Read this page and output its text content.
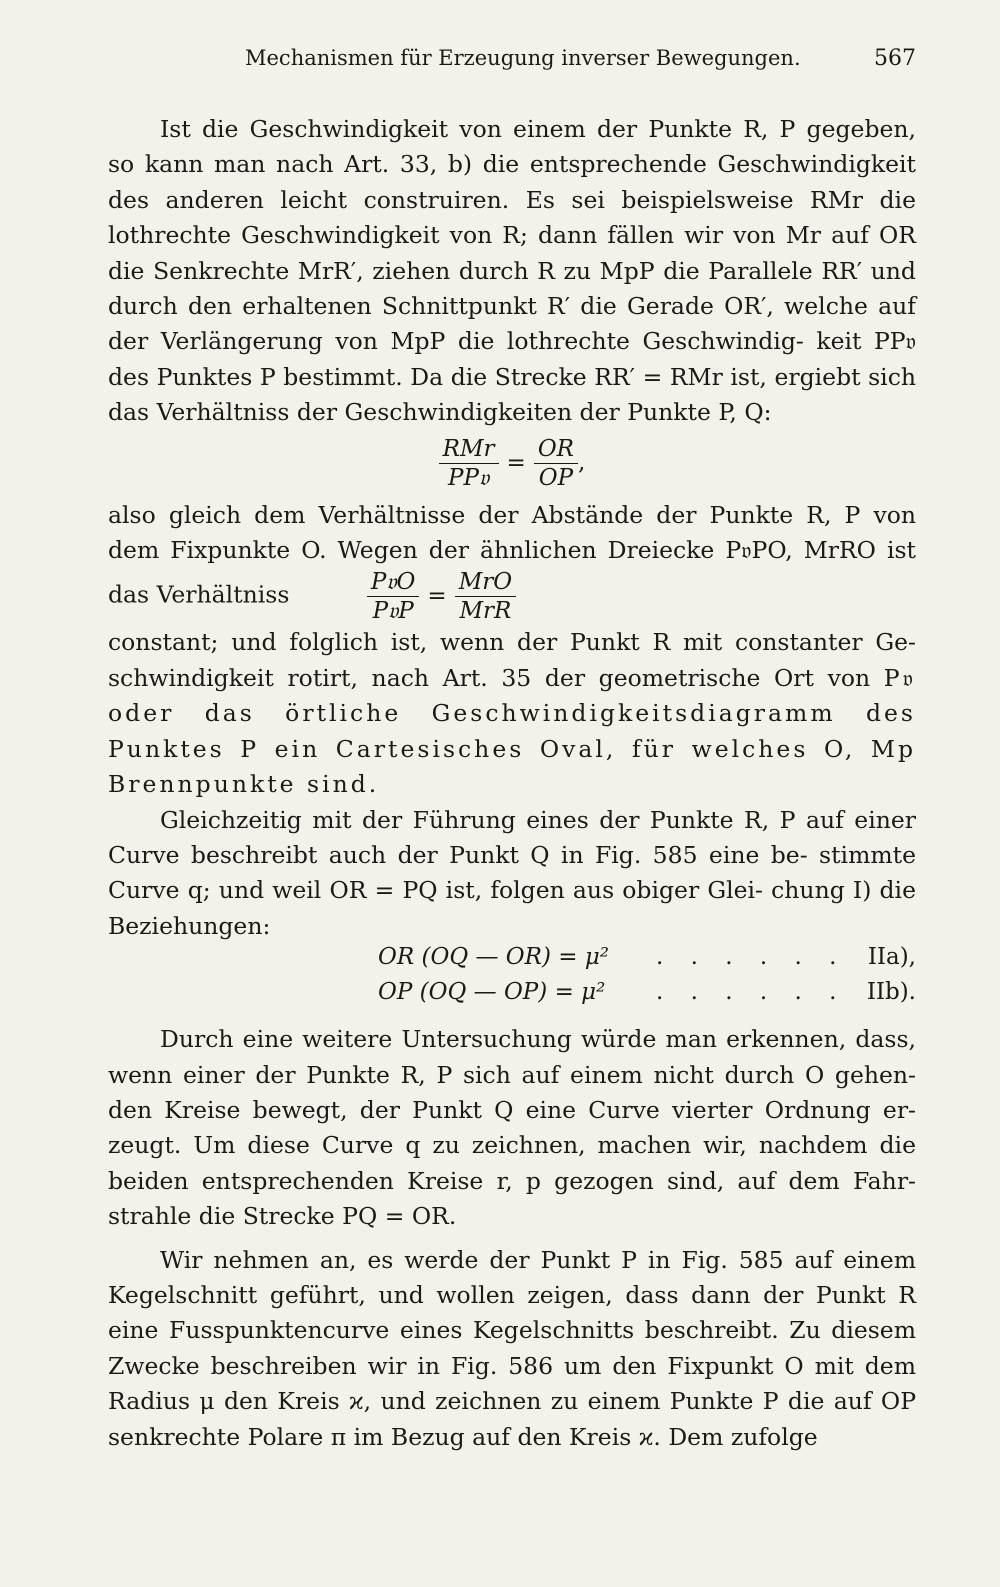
Mechanismen für Erzeugung inverser Bewegungen.	567
Ist die Geschwindigkeit von einem der Punkte R, P gegeben, so kann man nach Art. 33, b) die entsprechende Geschwindigkeit des anderen leicht construiren. Es sei beispielsweise RMr die lothrechte Geschwindigkeit von R; dann fällen wir von Mr auf OR die Senkrechte MrR′, ziehen durch R zu MpP die Parallele RR′ und durch den erhaltenen Schnittpunkt R′ die Gerade OR′, welche auf der Verlängerung von MpP die lothrechte Geschwindig- keit PP𝔳 des Punktes P bestimmt. Da die Strecke RR′ = RMr ist, ergiebt sich das Verhältniss der Geschwindigkeiten der Punkte P, Q:
$\frac{\text{RMr}}{\text{PP𝔳}} = \frac{OR}{OP}$ ,
also gleich dem Verhältnisse der Abstände der Punkte R, P von dem Fixpunkte O. Wegen der ähnlichen Dreiecke P𝔳PO, MrRO ist das Verhältniss	$\frac{\text{P𝔳O}}{\text{P𝔳P}} = \frac{\text{MrO}}{\text{MrR}}$
constant; und folglich ist, wenn der Punkt R mit constanter Ge- schwindigkeit rotirt, nach Art. 35 der geometrische Ort von P𝔳 oder das örtliche Geschwindigkeitsdiagramm des Punktes P ein Cartesisches Oval, für welches O, Mp Brennpunkte sind.
Gleichzeitig mit der Führung eines der Punkte R, P auf einer Curve beschreibt auch der Punkt Q in Fig. 585 eine be- stimmte Curve q; und weil OR = PQ ist, folgen aus obiger Glei- chung I) die Beziehungen:
OR (OQ — OR) = μ² . . . . . . IIa),
OP (OQ — OP) = μ² . . . . . . IIb).
Durch eine weitere Untersuchung würde man erkennen, dass, wenn einer der Punkte R, P sich auf einem nicht durch O gehen- den Kreise bewegt, der Punkt Q eine Curve vierter Ordnung er- zeugt. Um diese Curve q zu zeichnen, machen wir, nachdem die beiden entsprechenden Kreise r, p gezogen sind, auf dem Fahr- strahle die Strecke PQ = OR.
Wir nehmen an, es werde der Punkt P in Fig. 585 auf einem Kegelschnitt geführt, und wollen zeigen, dass dann der Punkt R eine Fusspunktencurve eines Kegelschnitts beschreibt. Zu diesem Zwecke beschreiben wir in Fig. 586 um den Fixpunkt O mit dem Radius μ den Kreis ϰ, und zeichnen zu einem Punkte P die auf OP senkrechte Polare π im Bezug auf den Kreis ϰ. Dem zufolge
